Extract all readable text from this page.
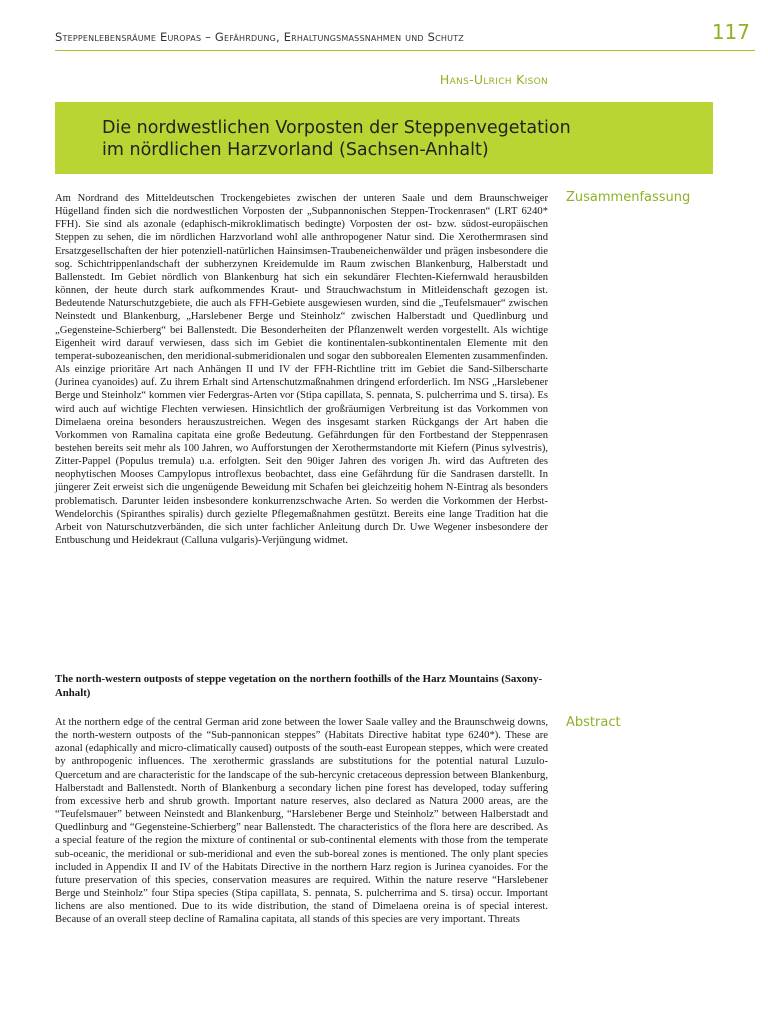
Steppenlebensräume Europas – Gefährdung, Erhaltungsmassnahmen und Schutz	117
Hans-Ulrich Kison
Die nordwestlichen Vorposten der Steppenvegetation
im nördlichen Harzvorland (Sachsen-Anhalt)
Zusammenfassung
Am Nordrand des Mitteldeutschen Trockengebietes zwischen der unteren Saale und dem Braunschweiger Hügelland finden sich die nordwestlichen Vorposten der „Subpannonischen Steppen-Trockenrasen“ (LRT 6240* FFH). Sie sind als azonale (edaphisch-mikroklimatisch bedingte) Vorposten der ost- bzw. südost-europäischen Steppen zu sehen, die im nördlichen Harzvorland wohl alle anthropogener Natur sind. Die Xerothermrasen sind Ersatzgesellschaften der hier potenziell-natürlichen Hainsimsen-Traubeneichenwälder und prägen insbesondere die sog. Schichtrippenlandschaft der subherzynen Kreidemulde im Raum zwischen Blankenburg, Halberstadt und Ballenstedt. Im Gebiet nördlich von Blankenburg hat sich ein sekundärer Flechten-Kiefernwald herausbilden können, der heute durch stark aufkommendes Kraut- und Strauchwachstum in Mitleidenschaft gezogen ist. Bedeutende Naturschutzgebiete, die auch als FFH-Gebiete ausgewiesen wurden, sind die „Teufelsmauer“ zwischen Neinstedt und Blankenburg, „Harslebener Berge und Steinholz“ zwischen Halberstadt und Quedlinburg und „Gegensteine-Schierberg“ bei Ballenstedt. Die Besonderheiten der Pflanzenwelt werden vorgestellt. Als wichtige Eigenheit wird darauf verwiesen, dass sich im Gebiet die kontinentalen-subkontinentalen Elemente mit den temperat-subozeanischen, den meridional-submeridionalen und sogar den subborealen Elementen zusammenfinden. Als einzige prioritäre Art nach Anhängen II und IV der FFH-Richtline tritt im Gebiet die Sand-Silberscharte (Jurinea cyanoides) auf. Zu ihrem Erhalt sind Artenschutzmaßnahmen dringend erforderlich. Im NSG „Harslebener Berge und Steinholz“ kommen vier Federgras-Arten vor (Stipa capillata, S. pennata, S. pulcherrima und S. tirsa). Es wird auch auf wichtige Flechten verwiesen. Hinsichtlich der großräumigen Verbreitung ist das Vorkommen von Dimelaena oreina besonders herauszustreichen. Wegen des insgesamt starken Rückgangs der Art haben die Vorkommen von Ramalina capitata eine große Bedeutung. Gefährdungen für den Fortbestand der Steppenrasen bestehen bereits seit mehr als 100 Jahren, wo Aufforstungen der Xerothermstandorte mit Kiefern (Pinus sylvestris), Zitter-Pappel (Populus tremula) u.a. erfolgten. Seit den 90iger Jahren des vorigen Jh. wird das Auftreten des neophytischen Mooses Campylopus introflexus beobachtet, dass eine Gefährdung für die Sandrasen darstellt. In jüngerer Zeit erweist sich die ungenügende Beweidung mit Schafen bei gleichzeitig hohem N-Eintrag als besonders problematisch. Darunter leiden insbesondere konkurrenzschwache Arten. So werden die Vorkommen der Herbst-Wendelorchis (Spiranthes spiralis) durch gezielte Pflegemaßnahmen gestützt. Bereits eine lange Tradition hat die Arbeit von Naturschutzverbänden, die sich unter fachlicher Anleitung durch Dr. Uwe Wegener insbesondere der Entbuschung und Heidekraut (Calluna vulgaris)-Verjüngung widmet.
The north-western outposts of steppe vegetation on the northern foothills of the Harz Mountains (Saxony-Anhalt)
Abstract
At the northern edge of the central German arid zone between the lower Saale valley and the Braunschweig downs, the north-western outposts of the “Sub-pannonican steppes” (Habitats Directive habitat type 6240*). These are azonal (edaphically and micro-climatically caused) outposts of the south-east European steppes, which were created by anthropogenic influences. The xerothermic grasslands are substitutions for the potential natural Luzulo-Quercetum and are characteristic for the landscape of the sub-hercynic cretaceous depression between Blankenburg, Halberstadt and Ballenstedt. North of Blankenburg a secondary lichen pine forest has developed, today suffering from excessive herb and shrub growth. Important nature reserves, also declared as Natura 2000 areas, are the “Teufelsmauer” between Neinstedt and Blankenburg, “Harslebener Berge und Steinholz” between Halberstadt and Quedlinburg and “Gegensteine-Schierberg” near Ballenstedt. The characteristics of the flora here are described. As a special feature of the region the mixture of continental or sub-continental elements with those from the temperate sub-oceanic, the meridional or sub-meridional and even the sub-boreal zones is mentioned. The only plant species included in Appendix II and IV of the Habitats Directive in the northern Harz region is Jurinea cyanoides. For the future preservation of this species, conservation measures are required. Within the nature reserve “Harslebener Berge und Steinholz” four Stipa species (Stipa capillata, S. pennata, S. pulcherrima and S. tirsa) occur. Important lichens are also mentioned. Due to its wide distribution, the stand of Dimelaena oreina is of special interest. Because of an overall steep decline of Ramalina capitata, all stands of this species are very important. Threats
